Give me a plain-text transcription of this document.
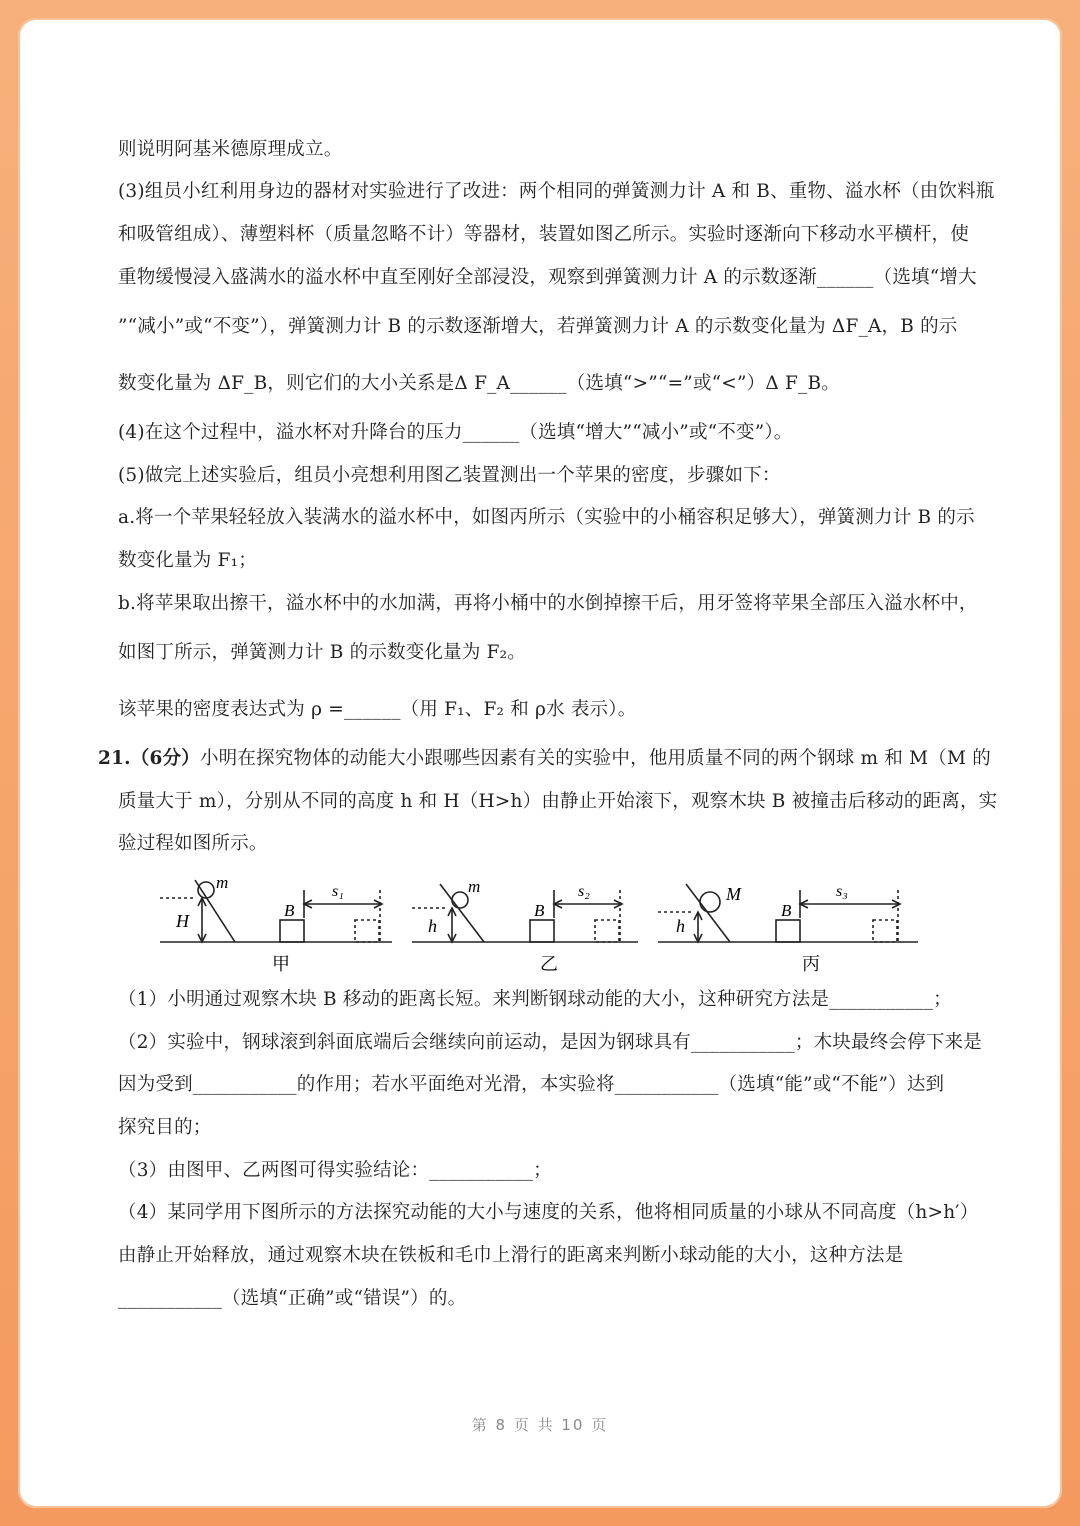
则说明阿基米德原理成立。
(3)组员小红利用身边的器材对实验进行了改进：两个相同的弹簧测力计 A 和 B、重物、溢水杯（由饮料瓶
和吸管组成）、薄塑料杯（质量忽略不计）等器材，装置如图乙所示。实验时逐渐向下移动水平横杆，使
重物缓慢浸入盛满水的溢水杯中直至刚好全部浸没，观察到弹簧测力计 A 的示数逐渐______（选填“增大
”“减小”或“不变”），弹簧测力计 B 的示数逐渐增大，若弹簧测力计 A 的示数变化量为 ΔF_A，B 的示
数变化量为 ΔF_B，则它们的大小关系是Δ F_A______（选填“>”“=”或“<”）Δ F_B。
(4)在这个过程中，溢水杯对升降台的压力______（选填“增大”“减小”或“不变”）。
(5)做完上述实验后，组员小亮想利用图乙装置测出一个苹果的密度，步骤如下：
a.将一个苹果轻轻放入装满水的溢水杯中，如图丙所示（实验中的小桶容积足够大），弹簧测力计 B 的示
数变化量为 F₁；
b.将苹果取出擦干，溢水杯中的水加满，再将小桶中的水倒掉擦干后，用牙签将苹果全部压入溢水杯中，
如图丁所示，弹簧测力计 B 的示数变化量为 F₂。
该苹果的密度表达式为 ρ =______（用 F₁、F₂ 和 ρ水 表示）。
21.（6分）小明在探究物体的动能大小跟哪些因素有关的实验中，他用质量不同的两个钢球 m 和 M（M 的
质量大于 m），分别从不同的高度 h 和 H（H>h）由静止开始滚下，观察木块 B 被撞击后移动的距离，实
验过程如图所示。
m
H
B
s₁
甲
m
h
B
s₂
乙
M
h
B
s₃
丙
（1）小明通过观察木块 B 移动的距离长短。来判断钢球动能的大小，这种研究方法是___________；
（2）实验中，钢球滚到斜面底端后会继续向前运动，是因为钢球具有___________；木块最终会停下来是
因为受到___________的作用；若水平面绝对光滑，本实验将___________（选填“能”或“不能”）达到
探究目的；
（3）由图甲、乙两图可得实验结论：___________；
（4）某同学用下图所示的方法探究动能的大小与速度的关系，他将相同质量的小球从不同高度（h>h′）
由静止开始释放，通过观察木块在铁板和毛巾上滑行的距离来判断小球动能的大小，这种方法是
___________（选填“正确”或“错误”）的。
第 8 页 共 10 页
